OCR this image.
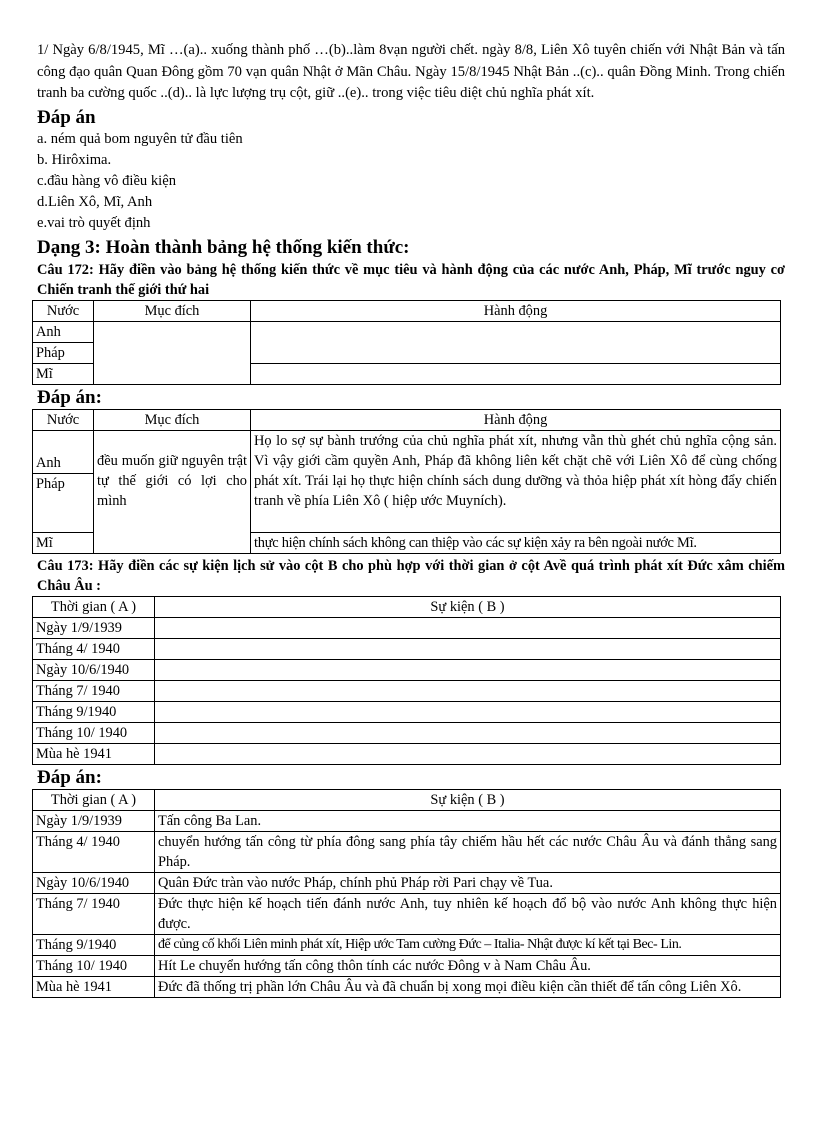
1/ Ngày 6/8/1945, Mĩ …(a).. xuống thành phố …(b)..làm 8vạn người chết. ngày 8/8, Liên Xô tuyên chiến với Nhật Bản và tấn công đạo quân Quan Đông gồm 70 vạn quân Nhật ở Mãn Châu. Ngày 15/8/1945 Nhật Bản ..(c).. quân Đồng Minh. Trong chiến tranh ba cường quốc ..(d).. là lực lượng trụ cột, giữ ..(e).. trong việc tiêu diệt chủ nghĩa phát xít.

Đáp án

a. ném quả bom nguyên tử đầu tiên

b. Hirôxima.

c.đầu hàng vô điều kiện

d.Liên Xô, Mĩ, Anh

e.vai trò quyết định

Dạng 3: Hoàn thành bảng hệ thống kiến thức:

Câu 172: Hãy điền vào bảng hệ thống kiến thức về mục tiêu và hành động của các nước Anh, Pháp, Mĩ trước nguy cơ Chiến tranh thế giới thứ hai

Nước	Mục đích	Hành động
Anh		
Pháp		
Mĩ		

Đáp án:

Nước	Mục đích	Hành động
Anh	đều muốn giữ nguyên trật tự thế giới có lợi cho mình	Họ lo sợ sự bành trướng của chủ nghĩa phát xít, nhưng vẫn thù ghét chủ nghĩa cộng sản. Vì vậy giới cầm quyền Anh, Pháp đã không liên kết chặt chẽ với Liên Xô để cùng chống phát xít. Trái lại họ thực hiện chính sách dung dưỡng và thỏa hiệp phát xít hòng đẩy chiến tranh về phía Liên Xô ( hiệp ước Muyních).
Pháp		
Mĩ		thực hiện chính sách không can thiệp vào các sự kiện xảy ra bên ngoài nước Mĩ.

Câu 173: Hãy điền các sự kiện lịch sử vào cột B cho phù hợp với thời gian ở cột Avề quá trình phát xít Đức xâm chiếm Châu Âu :

Thời gian ( A )	Sự kiện ( B )
Ngày 1/9/1939	
Tháng 4/ 1940	
Ngày 10/6/1940	
Tháng 7/ 1940	
Tháng 9/1940	
Tháng 10/ 1940	
Mùa hè 1941	

Đáp án:

Thời gian ( A )	Sự kiện ( B )
Ngày 1/9/1939	Tấn công Ba Lan.
Tháng 4/ 1940	chuyển hướng tấn công từ phía đông sang phía tây chiếm hầu hết các nước Châu Âu và đánh thẳng sang Pháp.
Ngày 10/6/1940	Quân Đức tràn vào nước Pháp, chính phủ Pháp rời Pari chạy về Tua.
Tháng 7/ 1940	Đức thực hiện kế hoạch tiến đánh nước Anh, tuy nhiên kế hoạch đổ bộ vào nước Anh không thực hiện được.
Tháng 9/1940	để củng cố khối Liên minh phát xít, Hiệp ước Tam cường Đức – Italia- Nhật được kí kết tại Bec- Lin.
Tháng 10/ 1940	Hít Le chuyển hướng tấn công thôn tính các nước Đông v à Nam Châu Âu.
Mùa hè 1941	Đức đã thống trị phần lớn Châu Âu và đã chuẩn bị xong mọi điều kiện cần thiết để tấn công Liên Xô.
